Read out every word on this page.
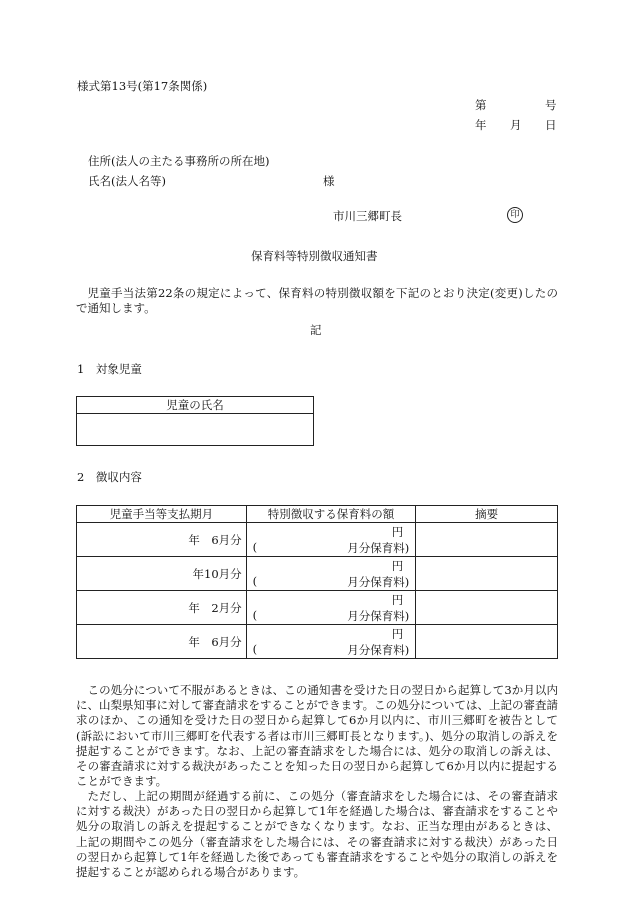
様式第13号(第17条関係)
第	号
年 月 日
住所(法人の主たる事務所の所在地)
氏名(法人名等)	様
市川三郷町長	印
保育料等特別徴収通知書

児童手当法第22条の規定によって、保育料の特別徴収額を下記のとおり決定(変更)したので通知します。

記
1　対象児童
児童の氏名

2　徴収内容
児童手当等支払期月	特別徴収する保育料の額	摘要
年　6月分	円
( 月分保育料)	

年10月分	円
( 月分保育料)	

年　2月分	円
( 月分保育料)	

年　6月分	円
( 月分保育料)	

この処分について不服があるときは、この通知書を受けた日の翌日から起算して3か月以内に、山梨県知事に対して審査請求をすることができます。この処分については、上記の審査請求のほか、この通知を受けた日の翌日から起算して6か月以内に、市川三郷町を被告として(訴訟において市川三郷町を代表する者は市川三郷町長となります。)、処分の取消しの訴えを提起することができます。なお、上記の審査請求をした場合には、処分の取消しの訴えは、その審査請求に対する裁決があったことを知った日の翌日から起算して6か月以内に提起することができます。

ただし、上記の期間が経過する前に、この処分（審査請求をした場合には、その審査請求に対する裁決）があった日の翌日から起算して1年を経過した場合は、審査請求をすることや処分の取消しの訴えを提起することができなくなります。なお、正当な理由があるときは、上記の期間やこの処分（審査請求をした場合には、その審査請求に対する裁決）があった日の翌日から起算して1年を経過した後であっても審査請求をすることや処分の取消しの訴えを提起することが認められる場合があります。
